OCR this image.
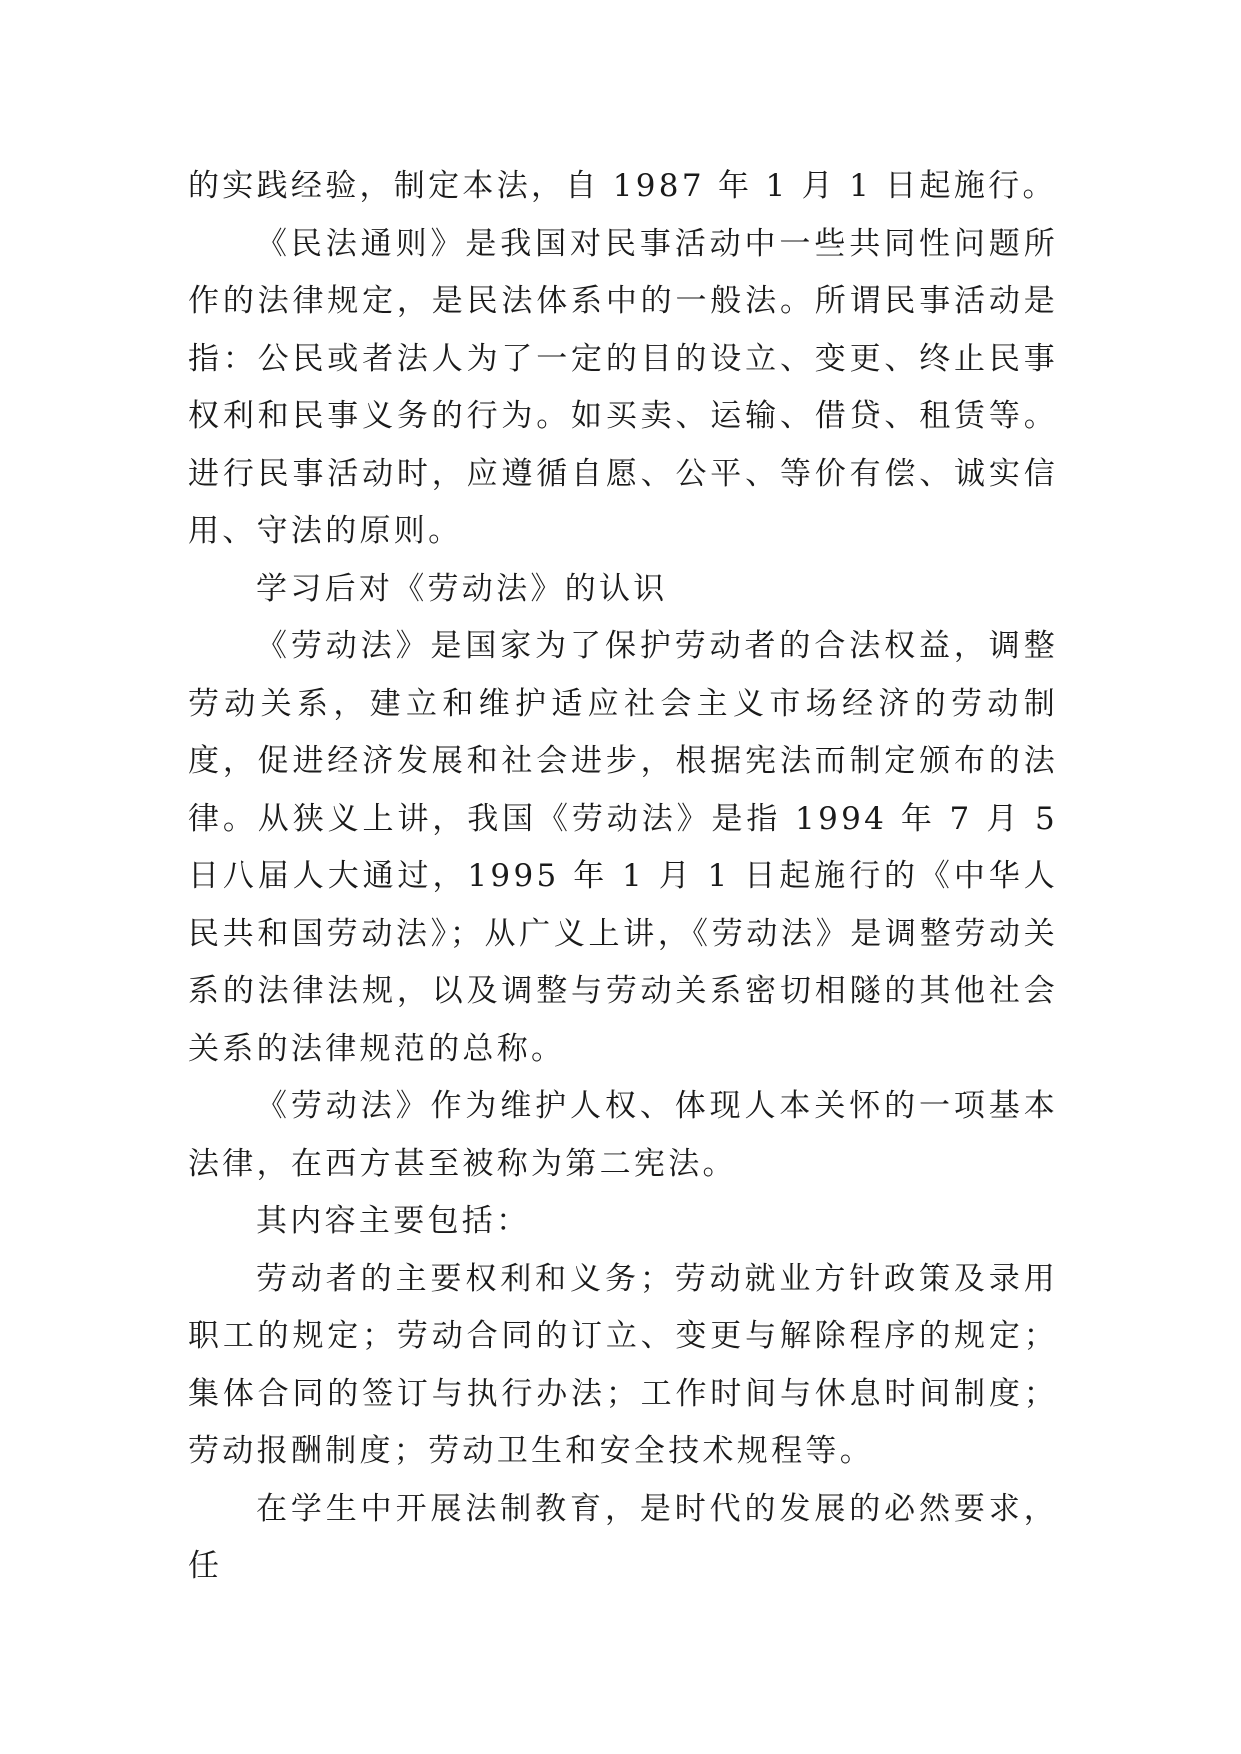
的实践经验，制定本法，自 1987 年 1 月 1 日起施行。

《民法通则》是我国对民事活动中一些共同性问题所作的法律规定，是民法体系中的一般法。所谓民事活动是指：公民或者法人为了一定的目的设立、变更、终止民事权利和民事义务的行为。如买卖、运输、借贷、租赁等。进行民事活动时，应遵循自愿、公平、等价有偿、诚实信用、守法的原则。

学习后对《劳动法》的认识

《劳动法》是国家为了保护劳动者的合法权益，调整劳动关系，建立和维护适应社会主义市场经济的劳动制度，促进经济发展和社会进步，根据宪法而制定颁布的法律。从狭义上讲，我国《劳动法》是指 1994 年 7 月 5 日八届人大通过，1995 年 1 月 1 日起施行的《中华人民共和国劳动法》；从广义上讲，《劳动法》是调整劳动关系的法律法规，以及调整与劳动关系密切相隧的其他社会关系的法律规范的总称。

《劳动法》作为维护人权、体现人本关怀的一项基本法律，在西方甚至被称为第二宪法。

其内容主要包括：

劳动者的主要权利和义务；劳动就业方针政策及录用职工的规定；劳动合同的订立、变更与解除程序的规定；集体合同的签订与执行办法；工作时间与休息时间制度；劳动报酬制度；劳动卫生和安全技术规程等。

在学生中开展法制教育，是时代的发展的必然要求，任
